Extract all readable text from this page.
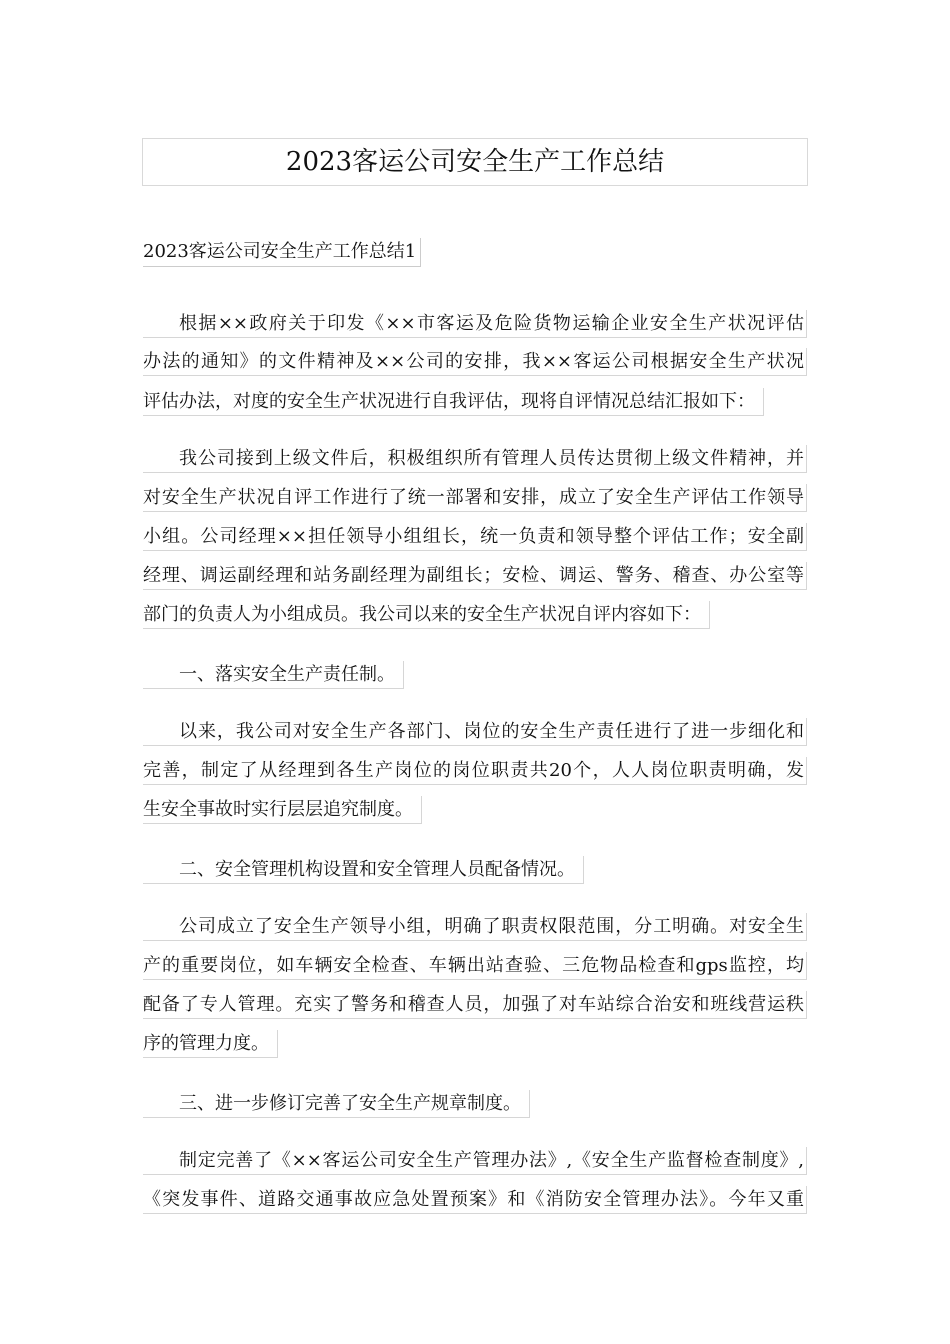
2023客运公司安全生产工作总结
2023客运公司安全生产工作总结1
根据××政府关于印发《××市客运及危险货物运输企业安全生产状况评估
办法的通知》的文件精神及××公司的安排，我××客运公司根据安全生产状况
评估办法，对度的安全生产状况进行自我评估，现将自评情况总结汇报如下：
我公司接到上级文件后，积极组织所有管理人员传达贯彻上级文件精神，并
对安全生产状况自评工作进行了统一部署和安排，成立了安全生产评估工作领导
小组。公司经理××担任领导小组组长，统一负责和领导整个评估工作；安全副
经理、调运副经理和站务副经理为副组长；安检、调运、警务、稽查、办公室等
部门的负责人为小组成员。我公司以来的安全生产状况自评内容如下：
一、落实安全生产责任制。
以来，我公司对安全生产各部门、岗位的安全生产责任进行了进一步细化和
完善，制定了从经理到各生产岗位的岗位职责共20个，人人岗位职责明确，发
生安全事故时实行层层追究制度。
二、安全管理机构设置和安全管理人员配备情况。
公司成立了安全生产领导小组，明确了职责权限范围，分工明确。对安全生
产的重要岗位，如车辆安全检查、车辆出站查验、三危物品检查和gps监控，均
配备了专人管理。充实了警务和稽查人员，加强了对车站综合治安和班线营运秩
序的管理力度。
三、进一步修订完善了安全生产规章制度。
制定完善了《××客运公司安全生产管理办法》,《安全生产监督检查制度》,
《突发事件、道路交通事故应急处置预案》和《消防安全管理办法》。今年又重
